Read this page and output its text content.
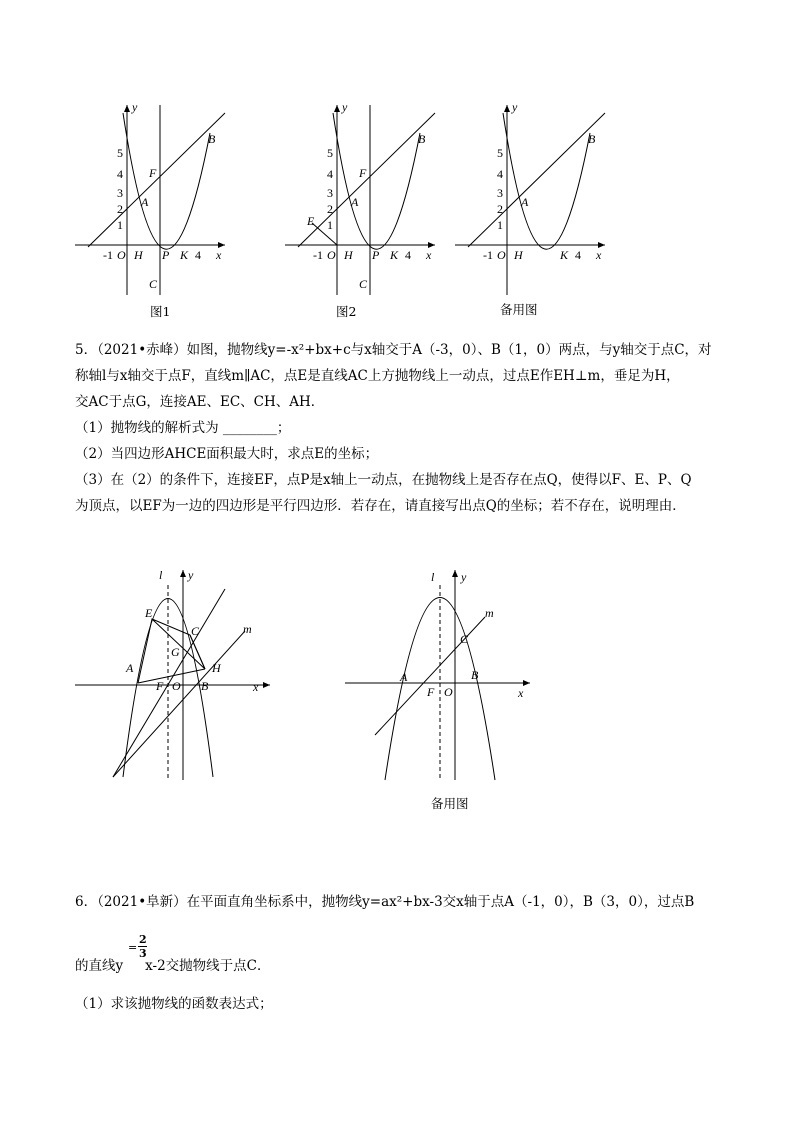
y
x
O
-1
5
4
3
2
1
A
B
C
F
H P K 4
y
x
O
-1
5
4
3
2
1
A
B
C
E
F
H P K 4
y
x
O
-1
5
4
3
2
1
A
B
H	K 4
图1	图2	备用图
5．（2021•赤峰）如图，抛物线y=-x²+bx+c与x轴交于A（-3，0）、B（1，0）两点，与y轴交于点C，对
称轴l与x轴交于点F，直线m∥AC，点E是直线AC上方抛物线上一动点，过点E作EH⊥m，垂足为H，
交AC于点G，连接AE、EC、CH、AH．
（1）抛物线的解析式为 ________；
（2）当四边形AHCE面积最大时，求点E的坐标；
（3）在（2）的条件下，连接EF，点P是x轴上一动点，在抛物线上是否存在点Q，使得以F、E、P、Q
为顶点，以EF为一边的四边形是平行四边形．若存在，请直接写出点Q的坐标；若不存在，说明理由．
l y
m
x
E
C
G
H
A
F O B
l y
m
x
C
A	B
F O
备用图
6．（2021•阜新）在平面直角坐标系中，抛物线y=ax²+bx-3交x轴于点A（-1，0），B（3，0），过点B
的直线y x-2交抛物线于点C．
=
2
3
（1）求该抛物线的函数表达式；
